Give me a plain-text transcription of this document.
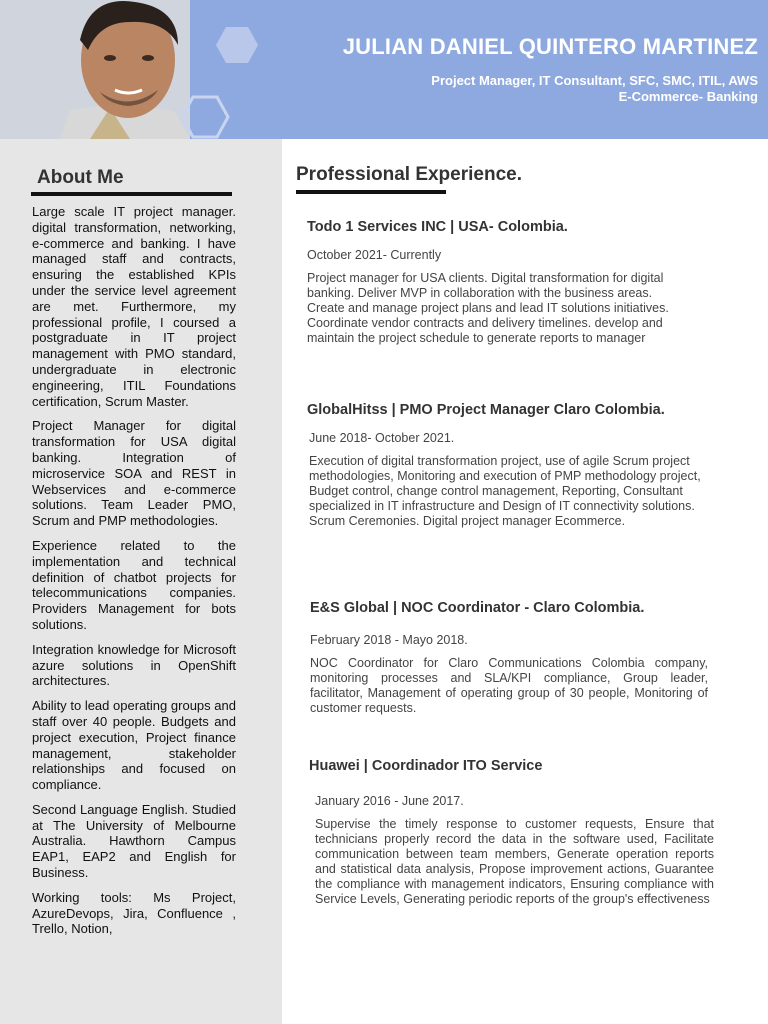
JULIAN DANIEL QUINTERO MARTINEZ
Project Manager, IT Consultant, SFC, SMC, ITIL, AWS
E-Commerce- Banking
About Me

Large scale IT project manager. digital transformation, networking, e-commerce and banking. I have managed staff and contracts, ensuring the established KPIs under the service level agreement are met. Furthermore, my professional profile, I coursed a postgraduate in IT project management with PMO standard, undergraduate in electronic engineering, ITIL Foundations certification, Scrum Master.

Project Manager for digital transformation for USA digital banking. Integration of microservice SOA and REST in Webservices and e-commerce solutions. Team Leader PMO, Scrum and PMP methodologies.

Experience related to the implementation and technical definition of chatbot projects for telecommunications companies. Providers Management for bots solutions.

Integration knowledge for Microsoft azure solutions in OpenShift architectures.

Ability to lead operating groups and staff over 40 people. Budgets and project execution, Project finance management, stakeholder relationships and focused on compliance.

Second Language English. Studied at The University of Melbourne Australia. Hawthorn Campus EAP1, EAP2 and English for Business.

Working tools: Ms Project, AzureDevops, Jira, Confluence , Trello, Notion,

Professional Experience.
Todo 1 Services INC | USA- Colombia.
October 2021- Currently
Project manager for USA clients. Digital transformation for digital banking. Deliver MVP in collaboration with the business areas. Create and manage project plans and lead IT solutions initiatives. Coordinate vendor contracts and delivery timelines. develop and maintain the project schedule to generate reports to manager
GlobalHitss | PMO Project Manager Claro Colombia.
June 2018- October 2021.
Execution of digital transformation project, use of agile Scrum project methodologies, Monitoring and execution of PMP methodology project, Budget control, change control management, Reporting, Consultant specialized in IT infrastructure and Design of IT connectivity solutions. Scrum Ceremonies. Digital project manager Ecommerce.
E&S Global | NOC Coordinator - Claro Colombia.
February 2018 - Mayo 2018.
NOC Coordinator for Claro Communications Colombia company, monitoring processes and SLA/KPI compliance, Group leader, facilitator, Management of operating group of 30 people, Monitoring of customer requests.
Huawei | Coordinador ITO Service
January 2016 - June 2017.
Supervise the timely response to customer requests, Ensure that technicians properly record the data in the software used, Facilitate communication between team members, Generate operation reports and statistical data analysis, Propose improvement actions, Guarantee the compliance with management indicators, Ensuring compliance with Service Levels, Generating periodic reports of the group's effectiveness
